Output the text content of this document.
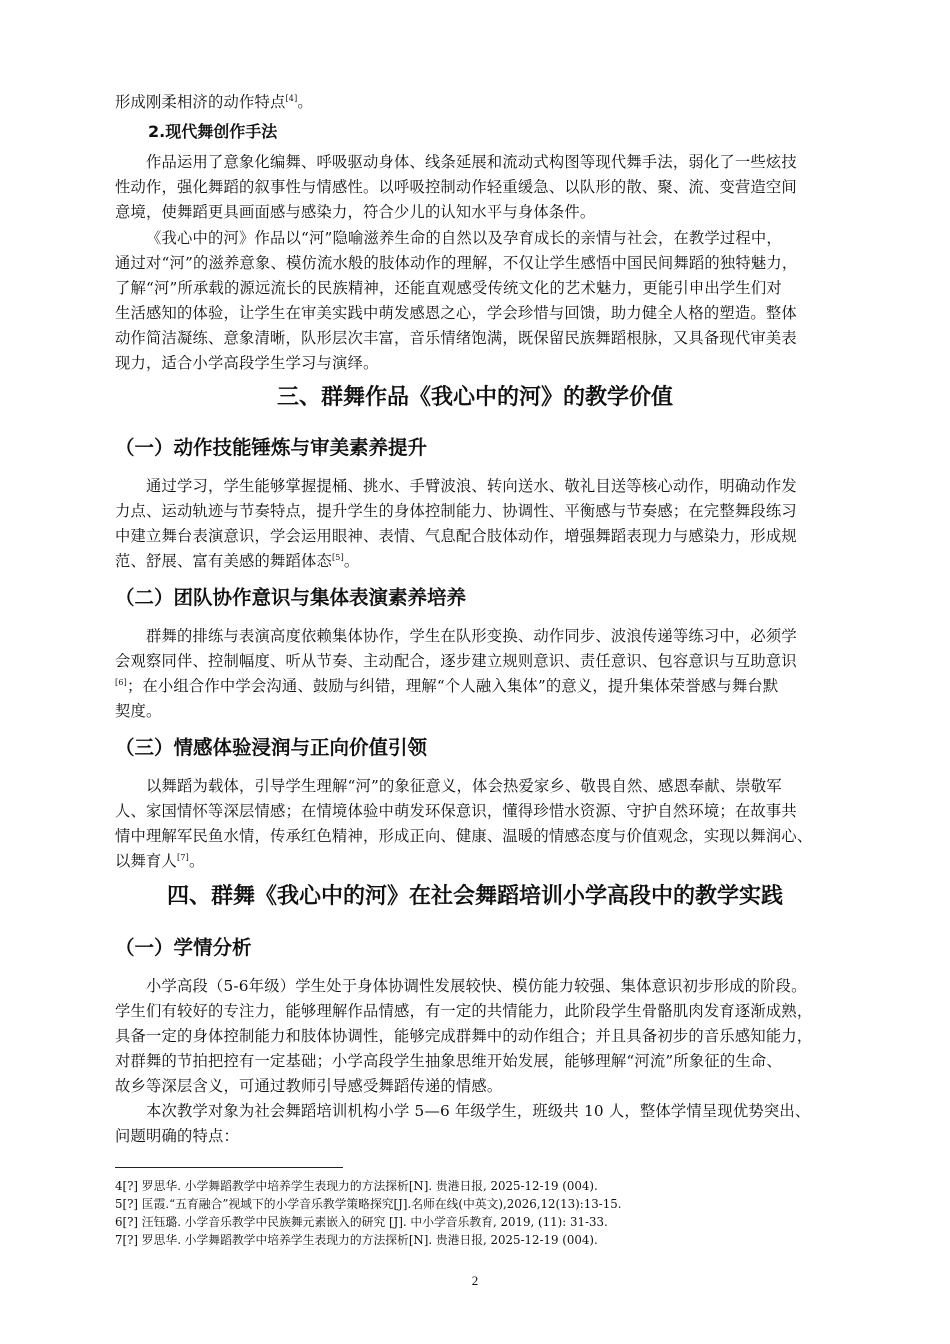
形成刚柔相济的动作特点[4]。
2.现代舞创作手法
作品运用了意象化编舞、呼吸驱动身体、线条延展和流动式构图等现代舞手法，弱化了一些炫技
性动作，强化舞蹈的叙事性与情感性。以呼吸控制动作轻重缓急、以队形的散、聚、流、变营造空间
意境，使舞蹈更具画面感与感染力，符合少儿的认知水平与身体条件。
《我心中的河》作品以“河”隐喻滋养生命的自然以及孕育成长的亲情与社会，在教学过程中，
通过对“河”的滋养意象、模仿流水般的肢体动作的理解，不仅让学生感悟中国民间舞蹈的独特魅力，
了解“河”所承载的源远流长的民族精神，还能直观感受传统文化的艺术魅力，更能引申出学生们对
生活感知的体验，让学生在审美实践中萌发感恩之心，学会珍惜与回馈，助力健全人格的塑造。整体
动作简洁凝练、意象清晰，队形层次丰富，音乐情绪饱满，既保留民族舞蹈根脉，又具备现代审美表
现力，适合小学高段学生学习与演绎。
三、群舞作品《我心中的河》的教学价值
（一）动作技能锤炼与审美素养提升
通过学习，学生能够掌握提桶、挑水、手臂波浪、转向送水、敬礼目送等核心动作，明确动作发
力点、运动轨迹与节奏特点，提升学生的身体控制能力、协调性、平衡感与节奏感；在完整舞段练习
中建立舞台表演意识，学会运用眼神、表情、气息配合肢体动作，增强舞蹈表现力与感染力，形成规
范、舒展、富有美感的舞蹈体态[5]。
（二）团队协作意识与集体表演素养培养
群舞的排练与表演高度依赖集体协作，学生在队形变换、动作同步、波浪传递等练习中，必须学
会观察同伴、控制幅度、听从节奏、主动配合，逐步建立规则意识、责任意识、包容意识与互助意识
[6]；在小组合作中学会沟通、鼓励与纠错，理解“个人融入集体”的意义，提升集体荣誉感与舞台默
契度。
（三）情感体验浸润与正向价值引领
以舞蹈为载体，引导学生理解“河”的象征意义，体会热爱家乡、敬畏自然、感恩奉献、崇敬军
人、家国情怀等深层情感；在情境体验中萌发环保意识，懂得珍惜水资源、守护自然环境；在故事共
情中理解军民鱼水情，传承红色精神，形成正向、健康、温暖的情感态度与价值观念，实现以舞润心、
以舞育人[7]。
四、群舞《我心中的河》在社会舞蹈培训小学高段中的教学实践
（一）学情分析
小学高段（5-6年级）学生处于身体协调性发展较快、模仿能力较强、集体意识初步形成的阶段。
学生们有较好的专注力，能够理解作品情感，有一定的共情能力，此阶段学生骨骼肌肉发育逐渐成熟，
具备一定的身体控制能力和肢体协调性，能够完成群舞中的动作组合；并且具备初步的音乐感知能力，
对群舞的节拍把控有一定基础；小学高段学生抽象思维开始发展，能够理解“河流”所象征的生命、
故乡等深层含义，可通过教师引导感受舞蹈传递的情感。
本次教学对象为社会舞蹈培训机构小学 5—6 年级学生，班级共 10 人，整体学情呈现优势突出、
问题明确的特点：
4[?] 罗思华. 小学舞蹈教学中培养学生表现力的方法探析[N]. 贵港日报, 2025-12-19 (004).
5[?] 匡霞.“五育融合”视域下的小学音乐教学策略探究[J].名师在线(中英文),2026,12(13):13-15.
6[?] 汪钰璐. 小学音乐教学中民族舞元素嵌入的研究 [J]. 中小学音乐教育, 2019, (11): 31-33.
7[?] 罗思华. 小学舞蹈教学中培养学生表现力的方法探析[N]. 贵港日报, 2025-12-19 (004).
2
